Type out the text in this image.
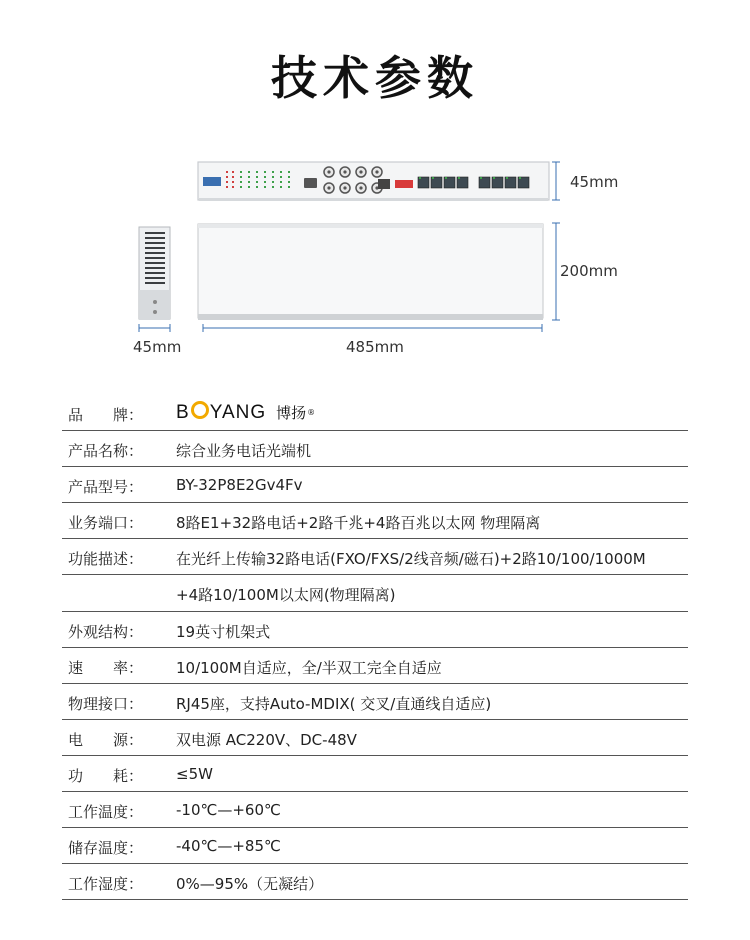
技术参数
45mm
200mm
45mm	485mm
品　　牌： B YANG 博扬 ®
产品名称： 综合业务电话光端机
产品型号： BY-32P8E2Gv4Fv
业务端口： 8路E1+32路电话+2路千兆+4路百兆以太网 物理隔离
功能描述： 在光纤上传输32路电话(FXO/FXS/2线音频/磁石)+2路10/100/1000M
+4路10/100M以太网(物理隔离)
外观结构： 19英寸机架式
速　　率： 10/100M自适应，全/半双工完全自适应
物理接口： RJ45座，支持Auto-MDIX( 交叉/直通线自适应)
电　　源： 双电源 AC220V、DC-48V
功　　耗： ≤5W
工作温度： -10℃—+60℃
储存温度： -40℃—+85℃
工作湿度： 0%—95%（无凝结）
